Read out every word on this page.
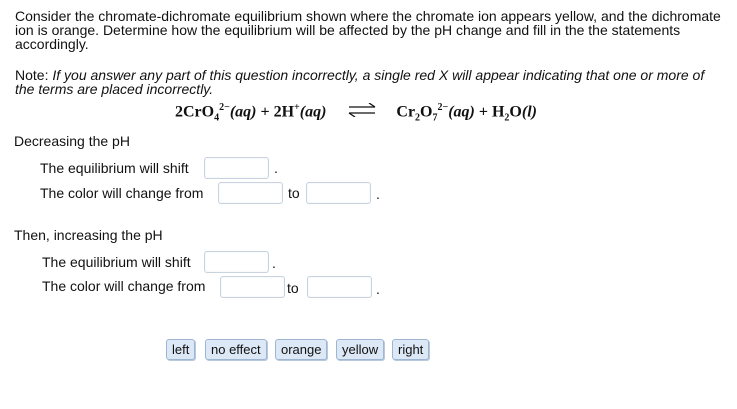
Consider the chromate-dichromate equilibrium shown where the chromate ion appears yellow, and the dichromate ion is orange. Determine how the equilibrium will be affected by the pH change and fill in the the statements accordingly.
Note: If you answer any part of this question incorrectly, a single red X will appear indicating that one or more of the terms are placed incorrectly.
2CrO$_4^{2-}$(aq) + 2H+(aq) ⇌ $Cr_2O_7^{2-}(aq) + H_2O(l)$
Decreasing the pH
The equilibrium will shift	.
The color will change from	to	.
Then, increasing the pH
The equilibrium will shift	.
The color will change from	to	.
left	no effect	orange	yellow	right
